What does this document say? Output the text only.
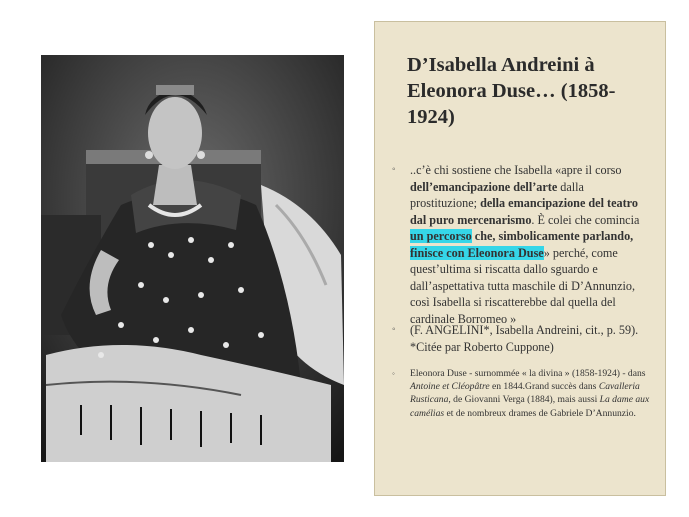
D’Isabella Andreini à Eleonora Duse… (1858-1924)
◦	..c’è chi sostiene che Isabella «apre il corso dell’emancipazione dell’arte dalla prostituzione; della emancipazione del teatro dal puro mercenarismo. È colei che comincia un percorso che, simbolicamente parlando, finisce con Eleonora Duse» perché, come quest’ultima si riscatta dallo sguardo e dall’aspettativa tutta maschile di D’Annunzio, così Isabella si riscatterebbe dal quella del cardinale Borromeo »
◦	(F. ANGELINI*, Isabella Andreini, cit., p. 59). *Citée par Roberto Cuppone)
◦	Eleonora Duse - surnommée « la divina » (1858-1924) - dans Antoine et Cléopâtre en 1844.Grand succès dans Cavalleria Rusticana, de Giovanni Verga (1884), mais aussi La dame aux camélias et de nombreux drames de Gabriele D’Annunzio.
